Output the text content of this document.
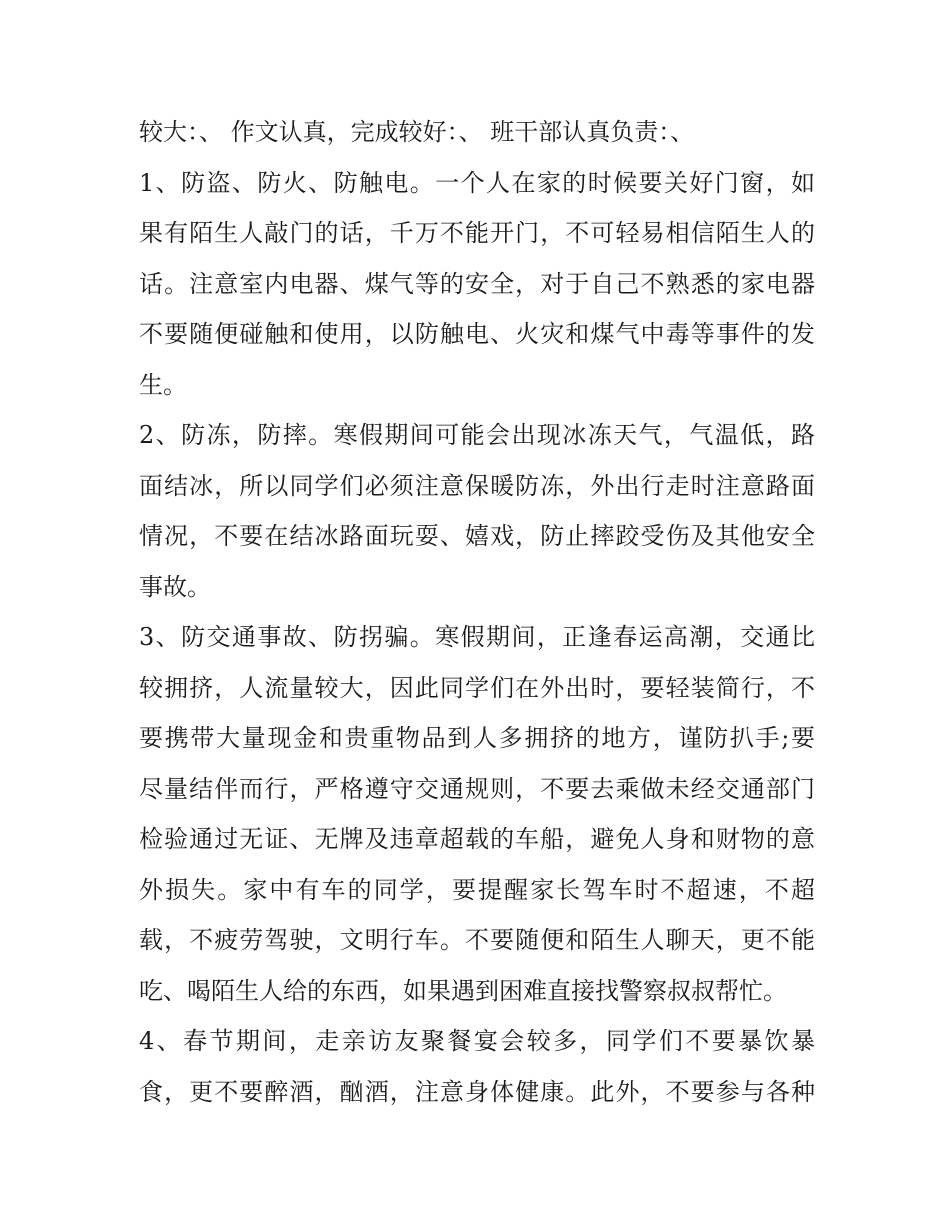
较大：、 作文认真，完成较好：、 班干部认真负责：、
1、防盗、防火、防触电。一个人在家的时候要关好门窗，如
果有陌生人敲门的话，千万不能开门，不可轻易相信陌生人的
话。注意室内电器、煤气等的安全，对于自己不熟悉的家电器
不要随便碰触和使用，以防触电、火灾和煤气中毒等事件的发
生。
2、防冻，防摔。寒假期间可能会出现冰冻天气，气温低，路
面结冰，所以同学们必须注意保暖防冻，外出行走时注意路面
情况，不要在结冰路面玩耍、嬉戏，防止摔跤受伤及其他安全
事故。
3、防交通事故、防拐骗。寒假期间，正逢春运高潮，交通比
较拥挤，人流量较大，因此同学们在外出时，要轻装简行，不
要携带大量现金和贵重物品到人多拥挤的地方，谨防扒手;要
尽量结伴而行，严格遵守交通规则，不要去乘做未经交通部门
检验通过无证、无牌及违章超载的车船，避免人身和财物的意
外损失。家中有车的同学，要提醒家长驾车时不超速，不超
载，不疲劳驾驶，文明行车。不要随便和陌生人聊天，更不能
吃、喝陌生人给的东西，如果遇到困难直接找警察叔叔帮忙。
4、春节期间，走亲访友聚餐宴会较多，同学们不要暴饮暴
食，更不要醉酒，酗酒，注意身体健康。此外，不要参与各种
